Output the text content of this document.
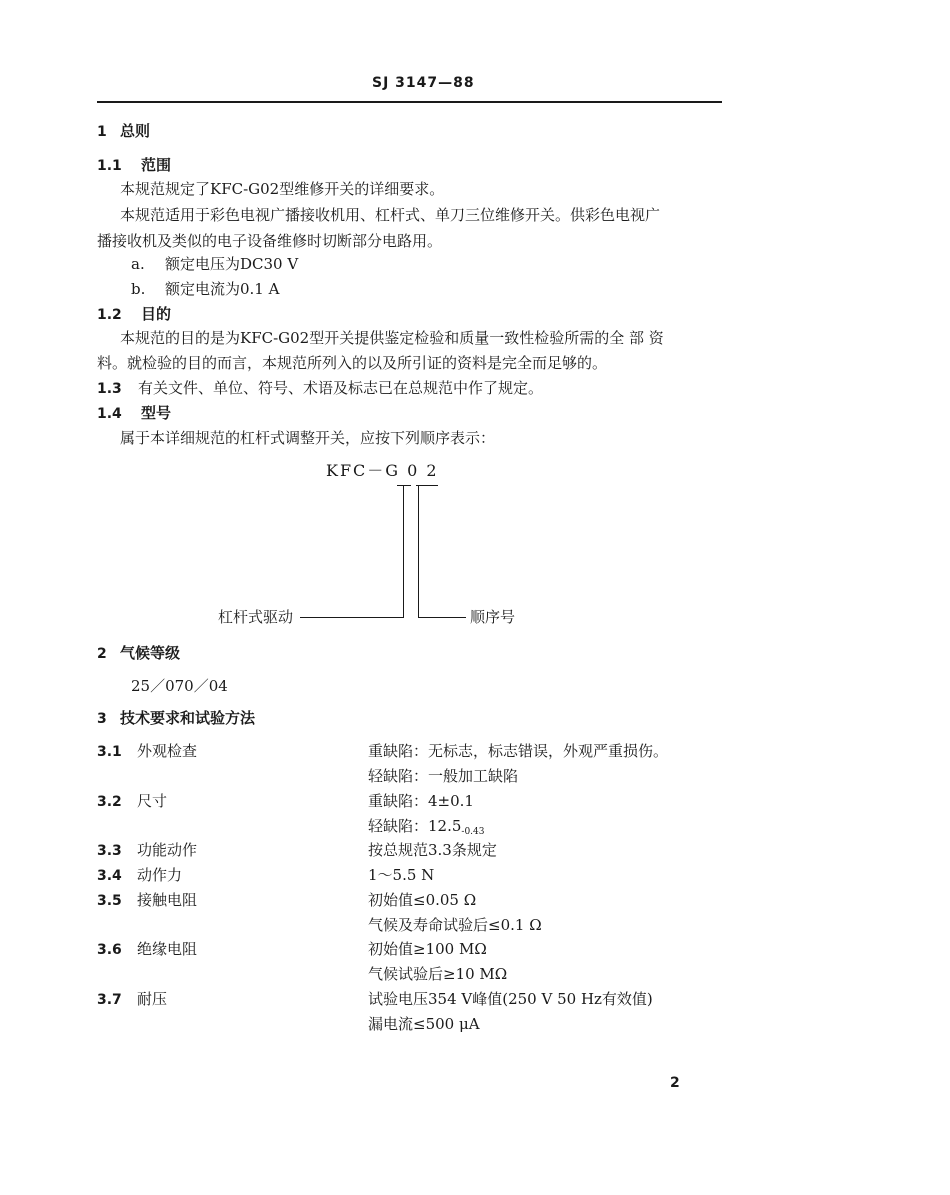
SJ 3147—88
1 总则
1.1 范围
本规范规定了KFC-G02型维修开关的详细要求。
本规范适用于彩色电视广播接收机用、杠杆式、单刀三位维修开关。供彩色电视广
播接收机及类似的电子设备维修时切断部分电路用。
a. 额定电压为DC30 V
b. 额定电流为0.1 A
1.2 目的
本规范的目的是为KFC-G02型开关提供鉴定检验和质量一致性检验所需的全 部 资
料。就检验的目的而言，本规范所列入的以及所引证的资料是完全而足够的。
1.3 有关文件、单位、符号、术语及标志已在总规范中作了规定。
1.4 型号
属于本详细规范的杠杆式调整开关，应按下列顺序表示：
KFC－G 0 2
杠杆式驱动	顺序号
2 气候等级
25／070／04
3 技术要求和试验方法
3.1 外观检查	重缺陷：无标志，标志错误，外观严重损伤。
轻缺陷：一般加工缺陷
3.2 尺寸	重缺陷：4±0.1
轻缺陷：$12.5_{-0.43}$
3.3 功能动作	按总规范3.3条规定
3.4 动作力	1～5.5 N
3.5 接触电阻	初始值≤0.05 Ω
气候及寿命试验后≤0.1 Ω
3.6 绝缘电阻	初始值≥100 MΩ
气候试验后≥10 MΩ
3.7 耐压	试验电压354 V峰值(250 V 50 Hz有效值)
漏电流≤500 μA
2
